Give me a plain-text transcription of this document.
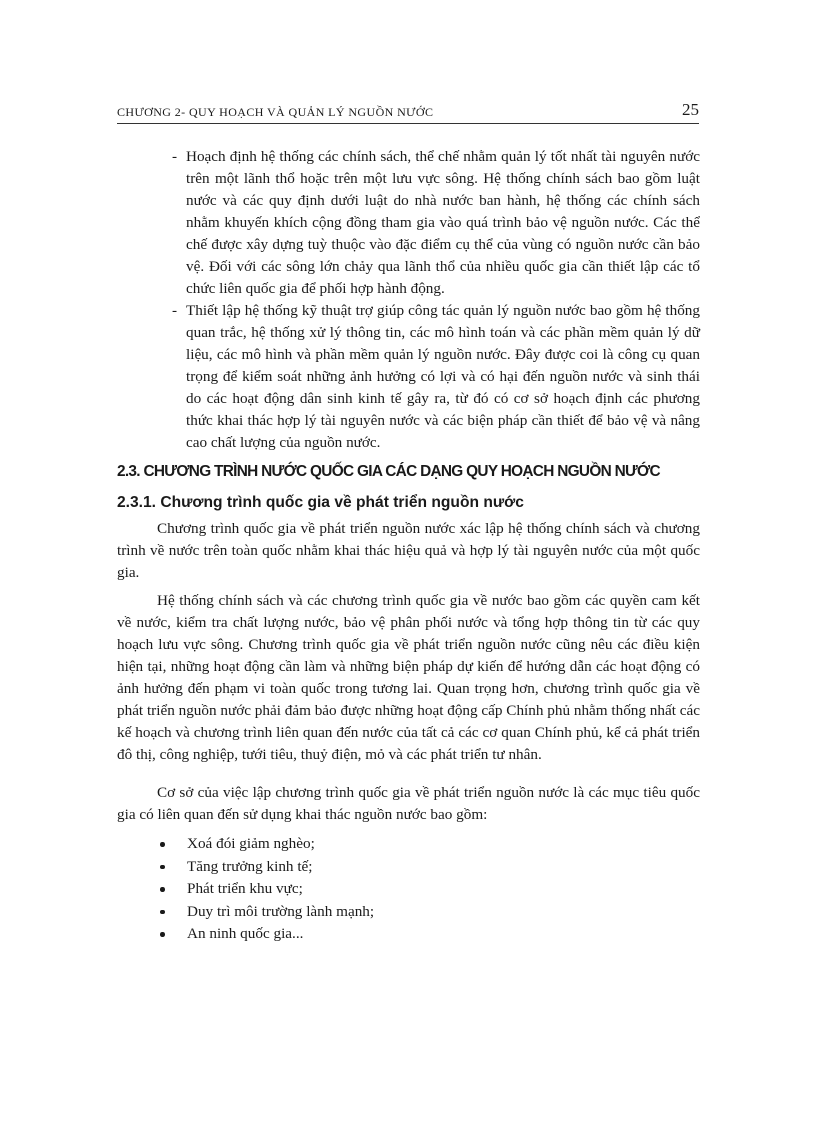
CHƯƠNG 2- QUY HOẠCH VÀ QUẢN LÝ NGUỒN NƯỚC	25
- Hoạch định hệ thống các chính sách, thể chế nhằm quản lý tốt nhất tài nguyên nước trên một lãnh thổ hoặc trên một lưu vực sông. Hệ thống chính sách bao gồm luật nước và các quy định dưới luật do nhà nước ban hành, hệ thống các chính sách nhằm khuyến khích cộng đồng tham gia vào quá trình bảo vệ nguồn nước. Các thể chế được xây dựng tuỳ thuộc vào đặc điểm cụ thể của vùng có nguồn nước cần bảo vệ. Đối với các sông lớn chảy qua lãnh thổ của nhiều quốc gia cần thiết lập các tổ chức liên quốc gia để phối hợp hành động.
- Thiết lập hệ thống kỹ thuật trợ giúp công tác quản lý nguồn nước bao gồm hệ thống quan trắc, hệ thống xử lý thông tin, các mô hình toán và các phần mềm quản lý dữ liệu, các mô hình và phần mềm quản lý nguồn nước. Đây được coi là công cụ quan trọng để kiểm soát những ảnh hưởng có lợi và có hại đến nguồn nước và sinh thái do các hoạt động dân sinh kinh tế gây ra, từ đó có cơ sở hoạch định các phương thức khai thác hợp lý tài nguyên nước và các biện pháp cần thiết để bảo vệ và nâng cao chất lượng của nguồn nước.
2.3. CHƯƠNG TRÌNH NƯỚC QUỐC GIA CÁC DẠNG QUY HOẠCH NGUỒN NƯỚC
2.3.1. Chương trình quốc gia về phát triển nguồn nước

Chương trình quốc gia về phát triển nguồn nước xác lập hệ thống chính sách và chương trình về nước trên toàn quốc nhằm khai thác hiệu quả và hợp lý tài nguyên nước của một quốc gia.

Hệ thống chính sách và các chương trình quốc gia về nước bao gồm các quyền cam kết về nước, kiểm tra chất lượng nước, bảo vệ phân phối nước và tổng hợp thông tin từ các quy hoạch lưu vực sông. Chương trình quốc gia về phát triển nguồn nước cũng nêu các điều kiện hiện tại, những hoạt động cần làm và những biện pháp dự kiến để hướng dẫn các hoạt động có ảnh hưởng đến phạm vi toàn quốc trong tương lai. Quan trọng hơn, chương trình quốc gia về phát triển nguồn nước phải đảm bảo được những hoạt động cấp Chính phủ nhằm thống nhất các kế hoạch và chương trình liên quan đến nước của tất cả các cơ quan Chính phủ, kể cả phát triển đô thị, công nghiệp, tưới tiêu, thuỷ điện, mỏ và các phát triển tư nhân.

Cơ sở của việc lập chương trình quốc gia về phát triển nguồn nước là các mục tiêu quốc gia có liên quan đến sử dụng khai thác nguồn nước bao gồm:

Xoá đói giảm nghèo;
Tăng trưởng kinh tế;
Phát triển khu vực;
Duy trì môi trường lành mạnh;
An ninh quốc gia...
